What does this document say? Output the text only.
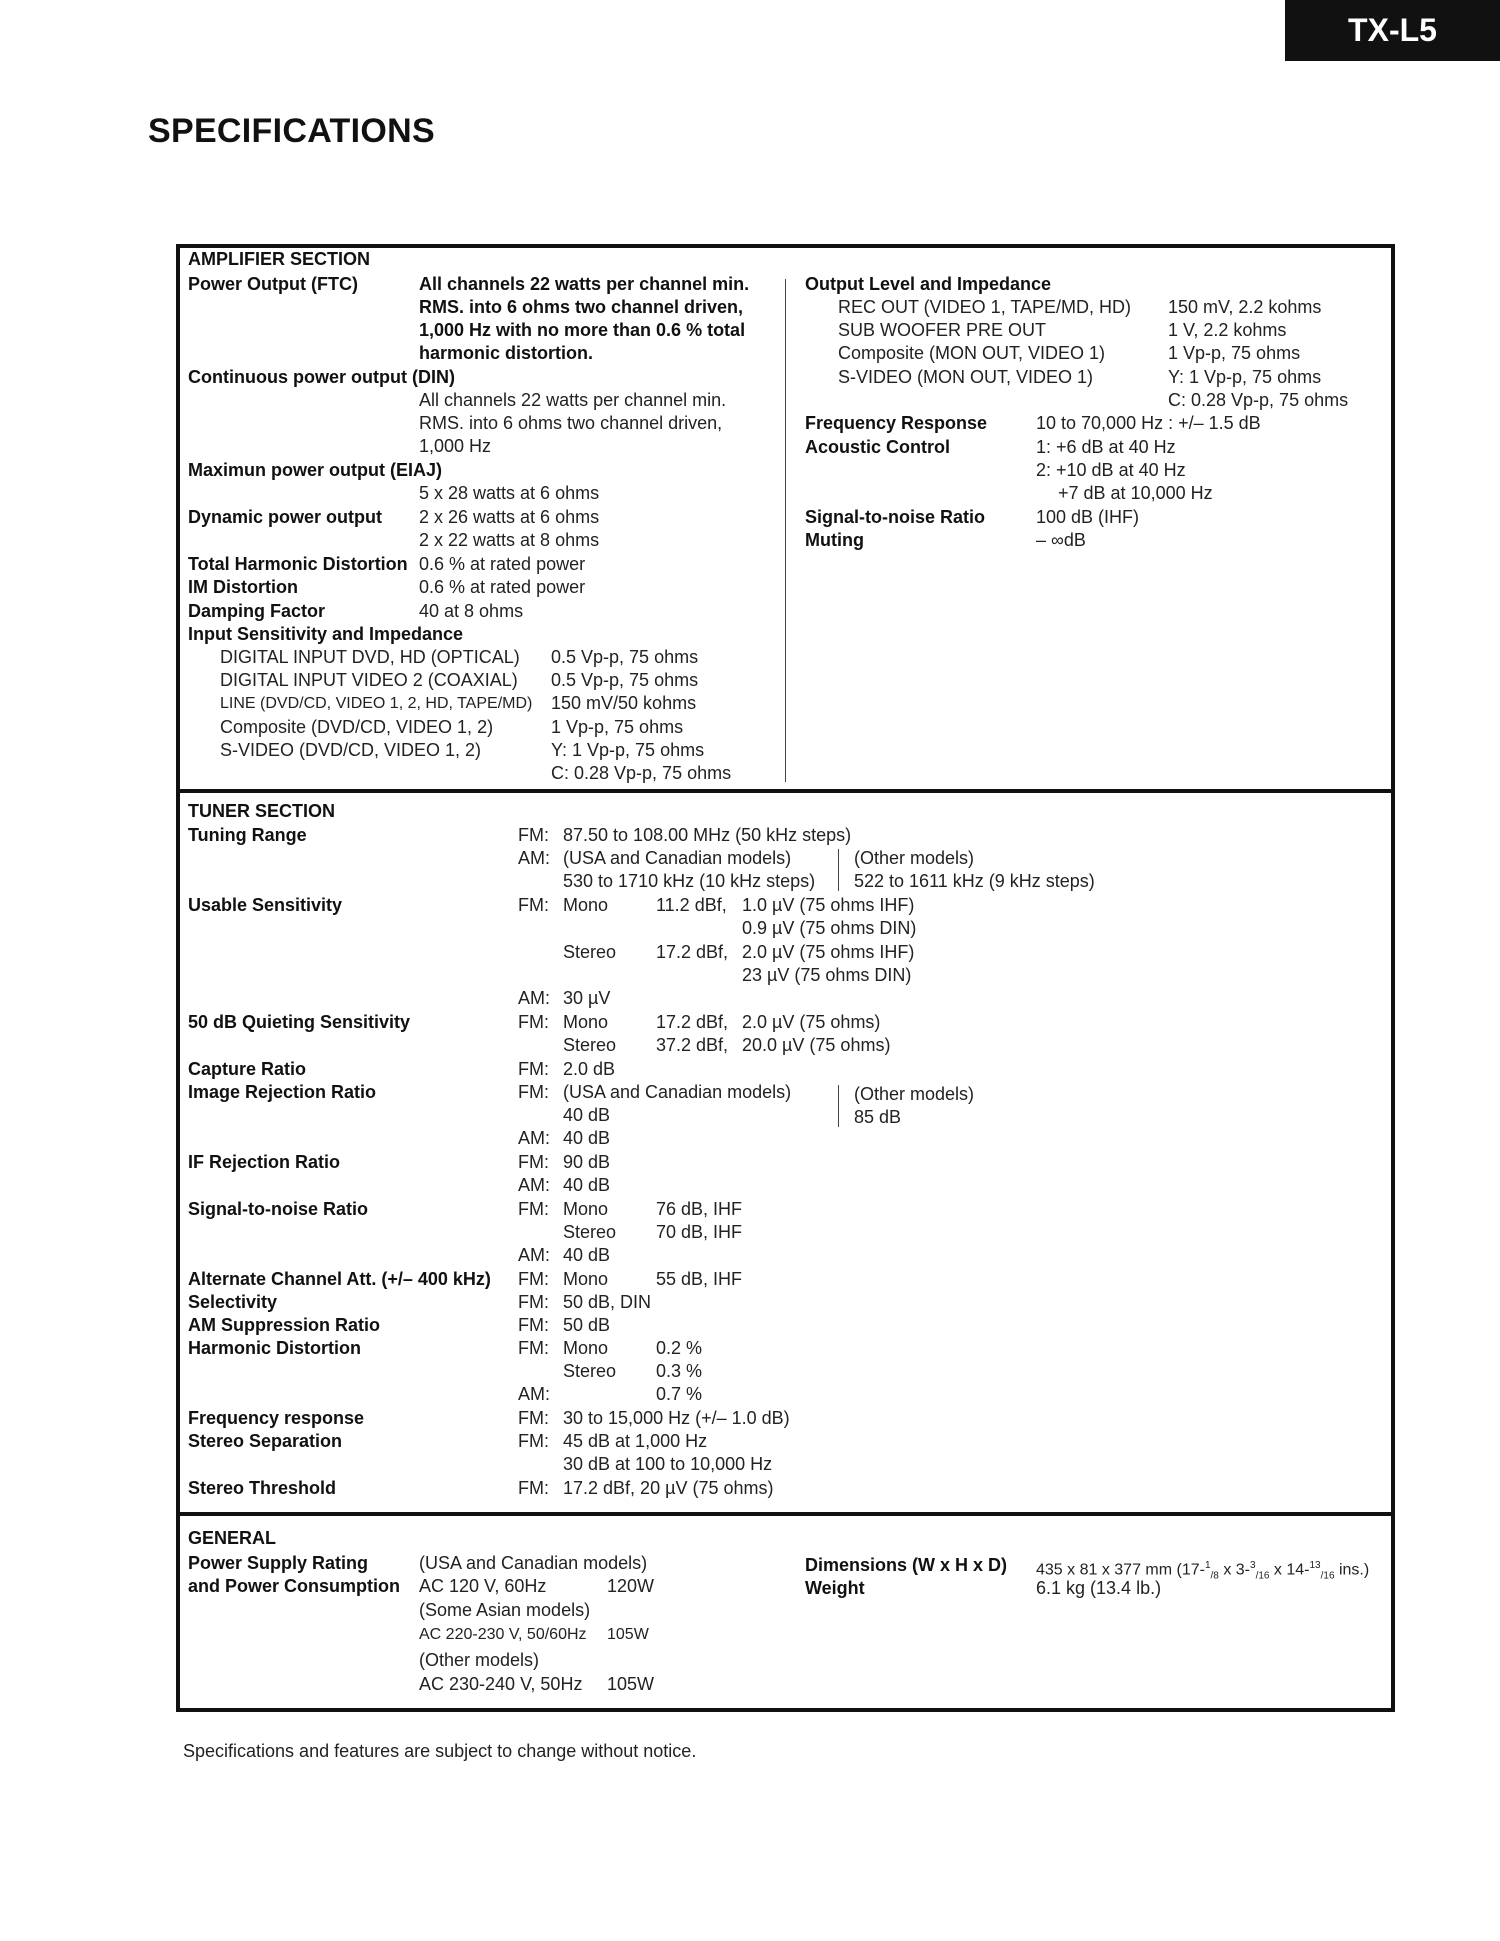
TX-L5
SPECIFICATIONS
AMPLIFIER SECTION
Power Output (FTC)	All channels 22 watts per channel min.
RMS. into 6 ohms two channel driven,
1,000 Hz with no more than 0.6 % total
harmonic distortion.
Continuous power output (DIN)
All channels 22 watts per channel min.
RMS. into 6 ohms two channel driven,
1,000 Hz
Maximun power output (EIAJ)
5 x 28 watts at 6 ohms
Dynamic power output 2 x 26 watts at 6 ohms
2 x 22 watts at 8 ohms
Total Harmonic Distortion 0.6 % at rated power
IM Distortion	0.6 % at rated power
Damping Factor	40 at 8 ohms
Input Sensitivity and Impedance
DIGITAL INPUT DVD, HD (OPTICAL) 0.5 Vp-p, 75 ohms
DIGITAL INPUT VIDEO 2 (COAXIAL) 0.5 Vp-p, 75 ohms
LINE (DVD/CD, VIDEO 1, 2, HD, TAPE/MD) 150 mV/50 kohms
Composite (DVD/CD, VIDEO 1, 2)	1 Vp-p, 75 ohms
S-VIDEO (DVD/CD, VIDEO 1, 2)	Y: 1 Vp-p, 75 ohms
C: 0.28 Vp-p, 75 ohms
Output Level and Impedance
REC OUT (VIDEO 1, TAPE/MD, HD) 150 mV, 2.2 kohms
SUB WOOFER PRE OUT	1 V, 2.2 kohms
Composite (MON OUT, VIDEO 1)	1 Vp-p, 75 ohms
S-VIDEO (MON OUT, VIDEO 1)	Y: 1 Vp-p, 75 ohms
C: 0.28 Vp-p, 75 ohms
Frequency Response	10 to 70,000 Hz : +/– 1.5 dB
Acoustic Control	1: +6 dB at 40 Hz
2: +10 dB at 40 Hz
+7 dB at 10,000 Hz
Signal-to-noise Ratio	100 dB (IHF)
Muting	– ∞dB
TUNER SECTION
Tuning Range	FM: 87.50 to 108.00 MHz (50 kHz steps)
AM: (USA and Canadian models)
530 to 1710 kHz (10 kHz steps)
(Other models)
522 to 1611 kHz (9 kHz steps)
Usable Sensitivity	FM: Mono	11.2 dBf, 1.0 µV (75 ohms IHF)
0.9 µV (75 ohms DIN)
Stereo 17.2 dBf, 2.0 µV (75 ohms IHF)
23 µV (75 ohms DIN)
AM: 30 µV
50 dB Quieting Sensitivity	FM: Mono	17.2 dBf, 2.0 µV (75 ohms)
Stereo 37.2 dBf, 20.0 µV (75 ohms)
Capture Ratio	FM: 2.0 dB
Image Rejection Ratio	FM: (USA and Canadian models)
40 dB
(Other models)
85 dB
AM: 40 dB
IF Rejection Ratio	FM: 90 dB
AM: 40 dB
Signal-to-noise Ratio	FM: Mono	76 dB, IHF
Stereo 70 dB, IHF
AM: 40 dB
Alternate Channel Att. (+/– 400 kHz) FM: Mono	55 dB, IHF
Selectivity	FM: 50 dB, DIN
AM Suppression Ratio	FM: 50 dB
Harmonic Distortion	FM: Mono	0.2 %
Stereo 0.3 %
AM:	0.7 %
Frequency response	FM: 30 to 15,000 Hz (+/– 1.0 dB)
Stereo Separation	FM: 45 dB at 1,000 Hz
30 dB at 100 to 10,000 Hz
Stereo Threshold	FM: 17.2 dBf, 20 µV (75 ohms)
GENERAL
Power Supply Rating
and Power Consumption
(USA and Canadian models)
AC 120 V, 60Hz	120W
(Some Asian models)
AC 220-230 V, 50/60Hz 105W
(Other models)
AC 230-240 V, 50Hz 105W
Dimensions (W x H x D) 435 x 81 x 377 mm (17-$^1_{/8}$ x 3-$^3_{/16}$ x 14-$^{13}_{/16}$ ins.)
Weight	6.1 kg (13.4 lb.)
Specifications and features are subject to change without notice.
